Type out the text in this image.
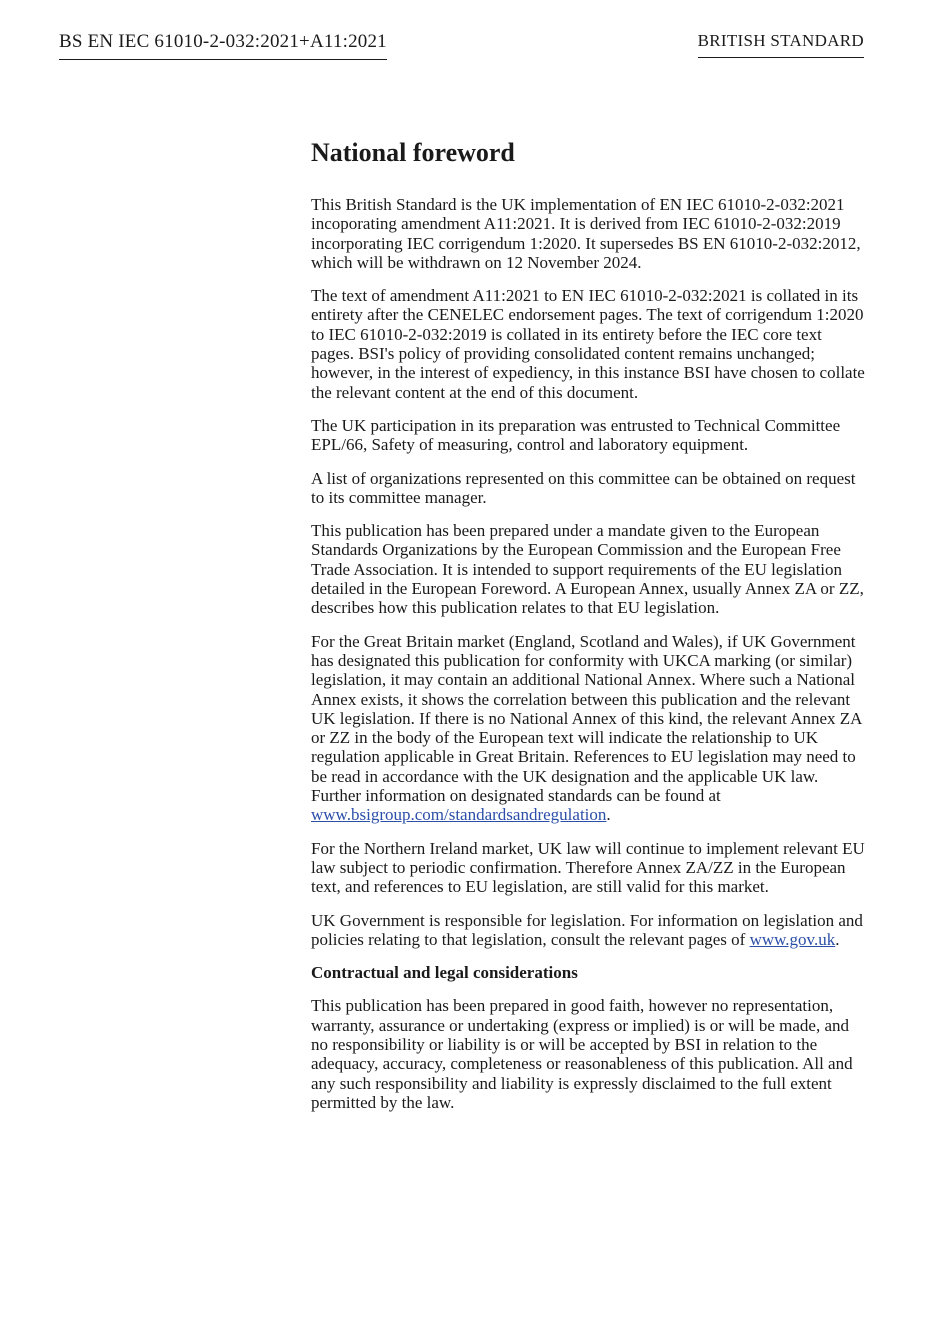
BS EN IEC 61010-2-032:2021+A11:2021	BRITISH STANDARD
National foreword

This British Standard is the UK implementation of EN IEC 61010-2-032:2021 incoporating amendment A11:2021. It is derived from IEC 61010-2-032:2019 incorporating IEC corrigendum 1:2020. It supersedes BS EN 61010-2-032:2012, which will be withdrawn on 12 November 2024.

The text of amendment A11:2021 to EN IEC 61010-2-032:2021 is collated in its entirety after the CENELEC endorsement pages. The text of corrigendum 1:2020 to IEC 61010-2-032:2019 is collated in its entirety before the IEC core text pages. BSI's policy of providing consolidated content remains unchanged; however, in the interest of expediency, in this instance BSI have chosen to collate the relevant content at the end of this document.

The UK participation in its preparation was entrusted to Technical Committee EPL/66, Safety of measuring, control and laboratory equipment.

A list of organizations represented on this committee can be obtained on request to its committee manager.

This publication has been prepared under a mandate given to the European Standards Organizations by the European Commission and the European Free Trade Association. It is intended to support requirements of the EU legislation detailed in the European Foreword. A European Annex, usually Annex ZA or ZZ, describes how this publication relates to that EU legislation.

For the Great Britain market (England, Scotland and Wales), if UK Government has designated this publication for conformity with UKCA marking (or similar) legislation, it may contain an additional National Annex. Where such a National Annex exists, it shows the correlation between this publication and the relevant UK legislation. If there is no National Annex of this kind, the relevant Annex ZA or ZZ in the body of the European text will indicate the relationship to UK regulation applicable in Great Britain. References to EU legislation may need to be read in accordance with the UK designation and the applicable UK law. Further information on designated standards can be found at www.bsigroup.com/standardsandregulation.

For the Northern Ireland market, UK law will continue to implement relevant EU law subject to periodic confirmation. Therefore Annex ZA/ZZ in the European text, and references to EU legislation, are still valid for this market.

UK Government is responsible for legislation. For information on legislation and policies relating to that legislation, consult the relevant pages of www.gov.uk.

Contractual and legal considerations

This publication has been prepared in good faith, however no representation, warranty, assurance or undertaking (express or implied) is or will be made, and no responsibility or liability is or will be accepted by BSI in relation to the adequacy, accuracy, completeness or reasonableness of this publication. All and any such responsibility and liability is expressly disclaimed to the full extent permitted by the law.
